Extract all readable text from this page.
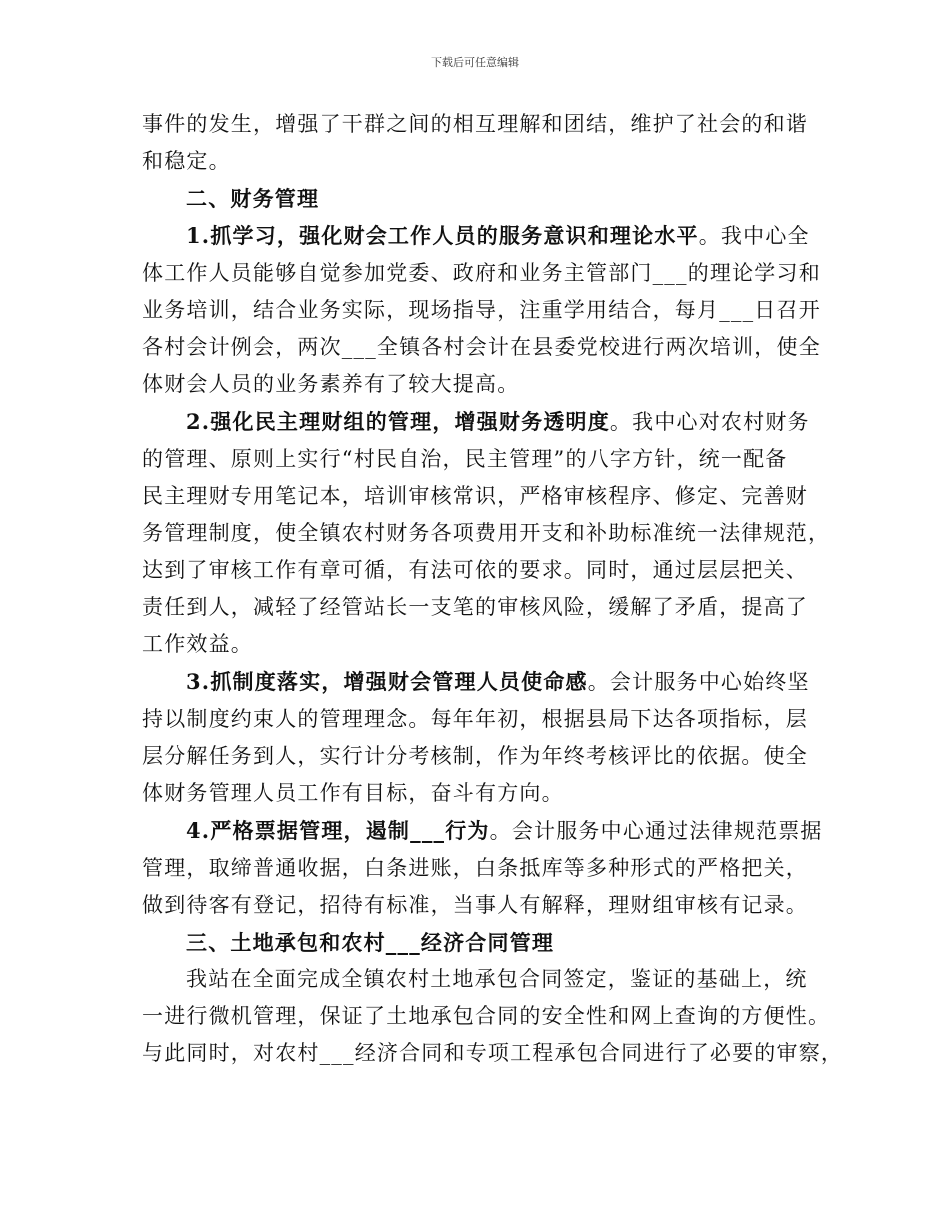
下载后可任意编辑

事件的发生，增强了干群之间的相互理解和团结，维护了社会的和谐
和稳定。

二、财务管理

1.抓学习，强化财会工作人员的服务意识和理论水平。我中心全
体工作人员能够自觉参加党委、政府和业务主管部门___的理论学习和
业务培训，结合业务实际，现场指导，注重学用结合，每月___日召开
各村会计例会，两次___全镇各村会计在县委党校进行两次培训，使全
体财会人员的业务素养有了较大提高。

2.强化民主理财组的管理，增强财务透明度。我中心对农村财务
的管理、原则上实行“村民自治，民主管理”的八字方针，统一配备
民主理财专用笔记本，培训审核常识，严格审核程序、修定、完善财
务管理制度，使全镇农村财务各项费用开支和补助标准统一法律规范，
达到了审核工作有章可循，有法可依的要求。同时，通过层层把关、
责任到人，减轻了经管站长一支笔的审核风险，缓解了矛盾，提高了
工作效益。

3.抓制度落实，增强财会管理人员使命感。会计服务中心始终坚
持以制度约束人的管理理念。每年年初，根据县局下达各项指标，层
层分解任务到人，实行计分考核制，作为年终考核评比的依据。使全
体财务管理人员工作有目标，奋斗有方向。

4.严格票据管理，遏制___行为。会计服务中心通过法律规范票据
管理，取缔普通收据，白条进账，白条抵库等多种形式的严格把关，
做到待客有登记，招待有标准，当事人有解释，理财组审核有记录。

三、土地承包和农村___经济合同管理

我站在全面完成全镇农村土地承包合同签定，鉴证的基础上，统
一进行微机管理，保证了土地承包合同的安全性和网上查询的方便性。
与此同时，对农村___经济合同和专项工程承包合同进行了必要的审察，
